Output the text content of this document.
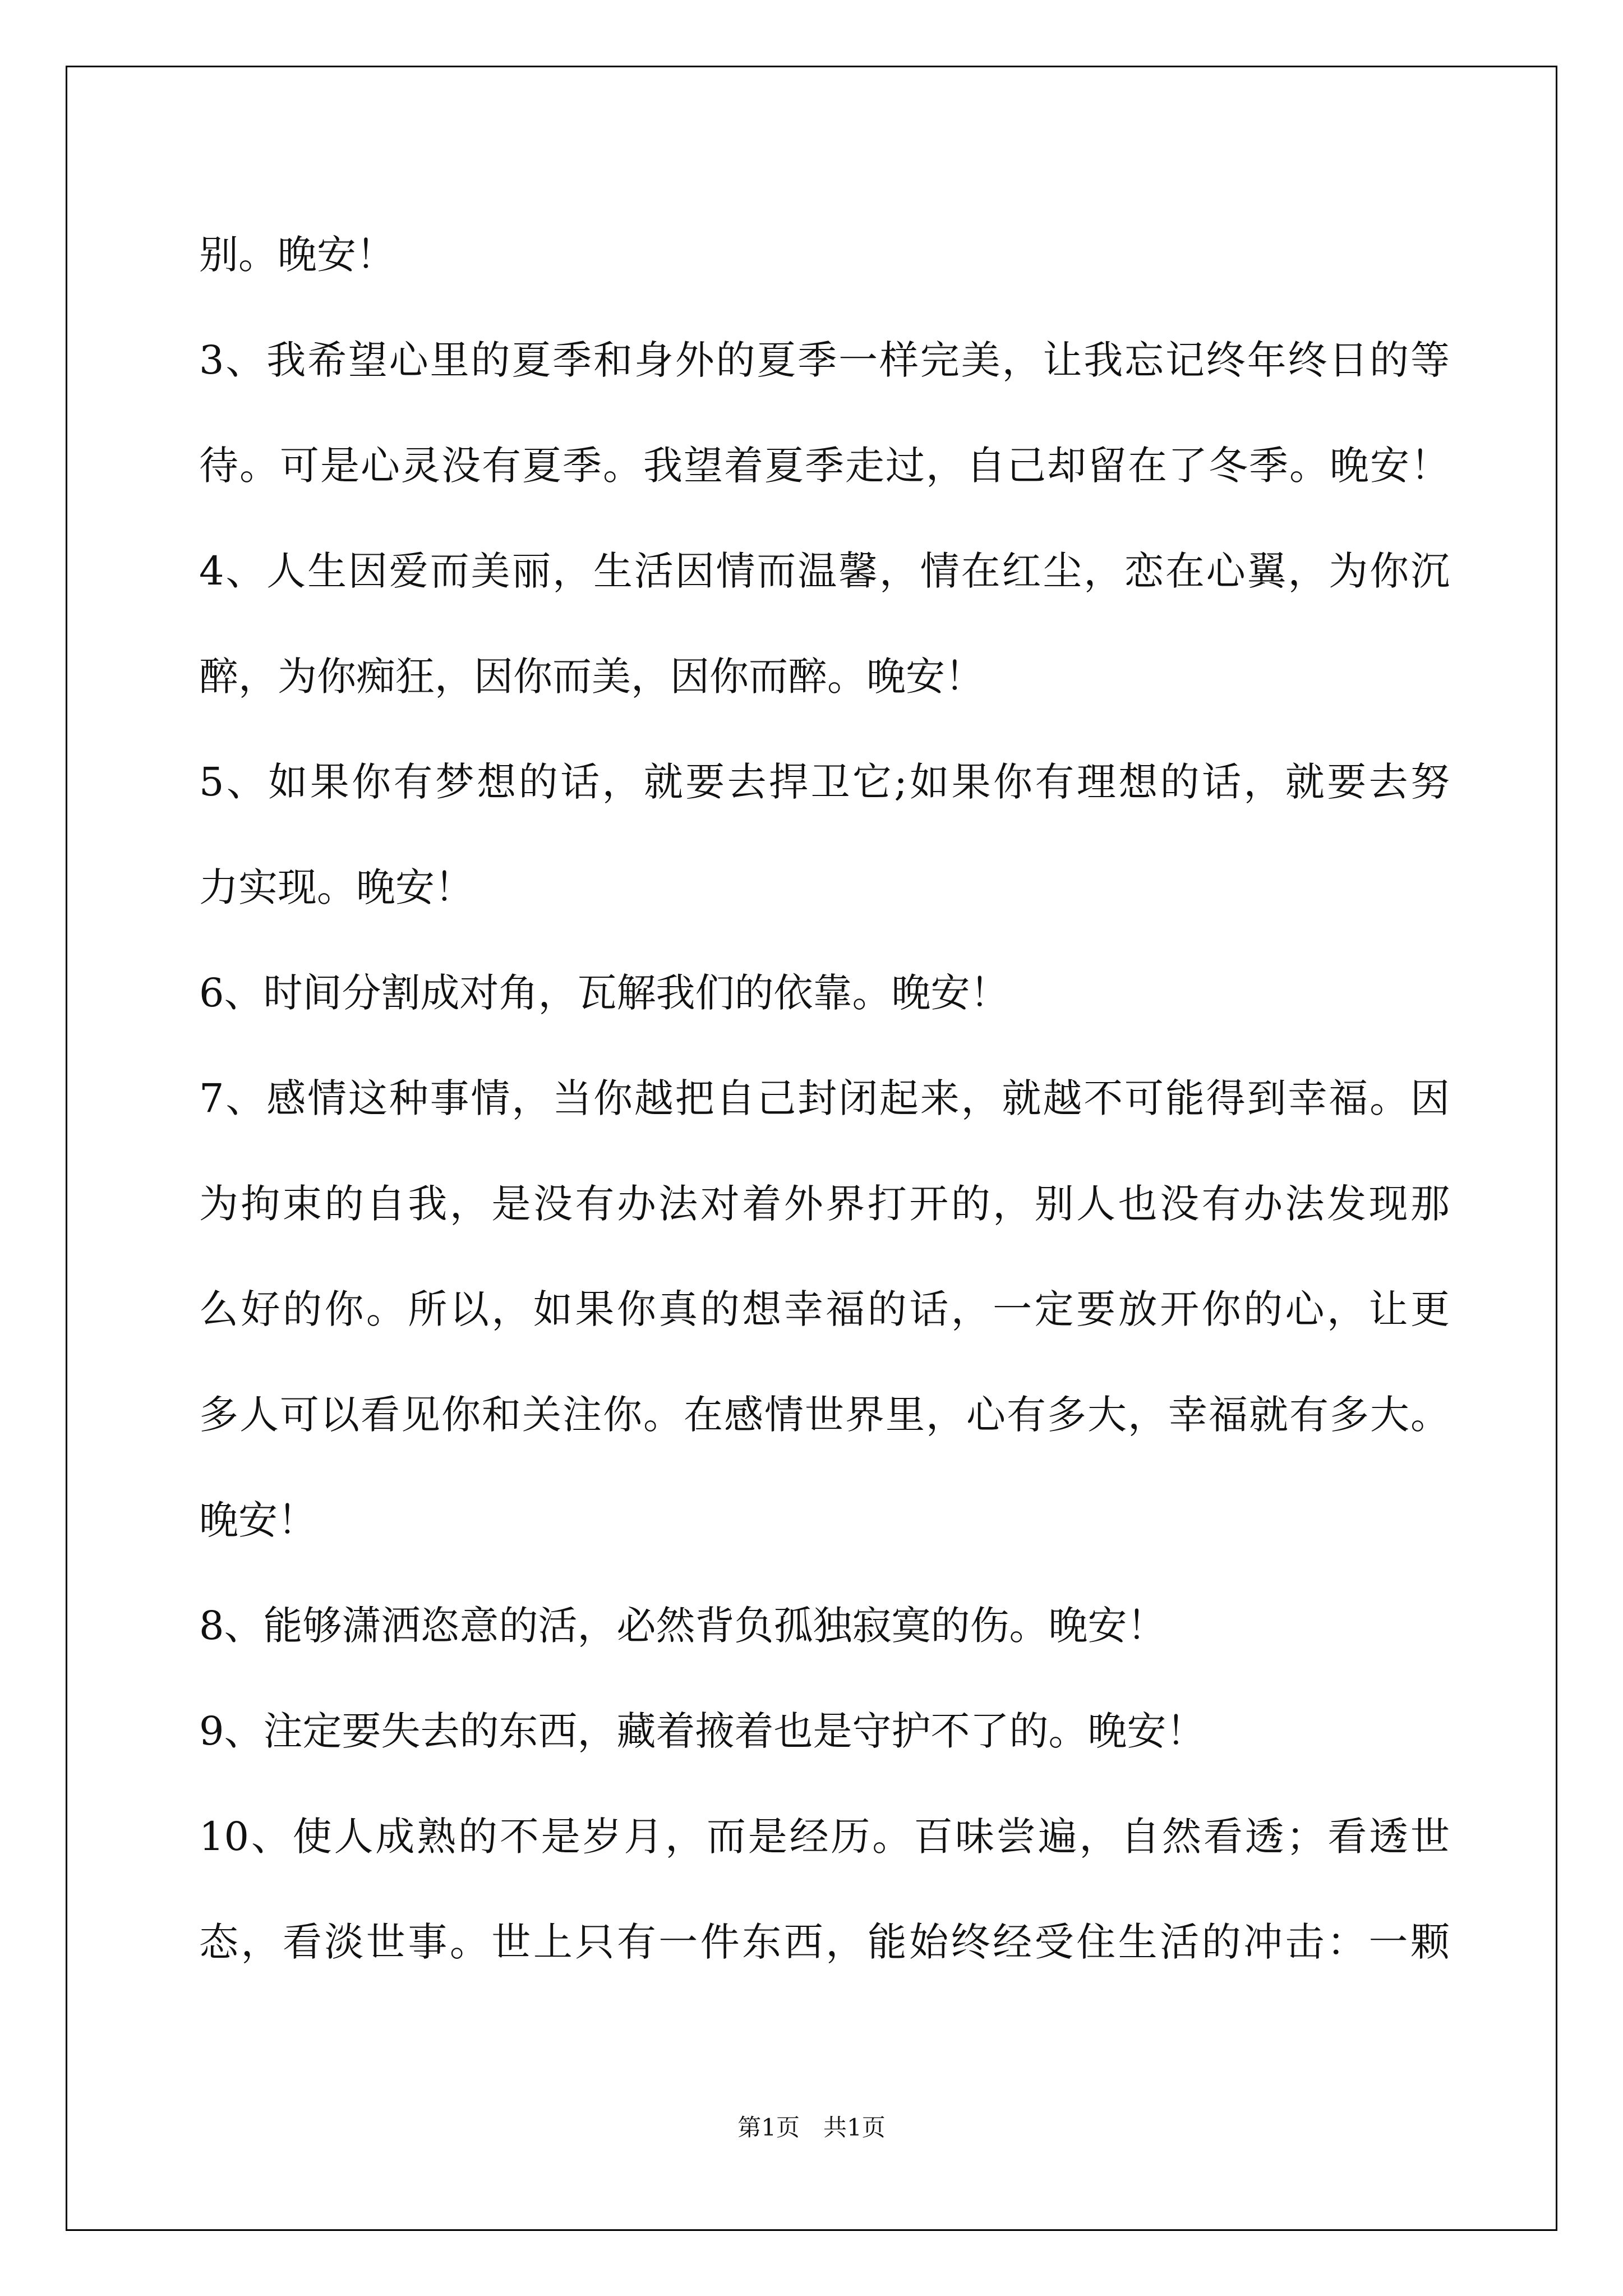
别。晚安！
3、我希望心里的夏季和身外的夏季一样完美，让我忘记终年终日的等
待。可是心灵没有夏季。我望着夏季走过，自己却留在了冬季。晚安！
4、人生因爱而美丽，生活因情而温馨，情在红尘，恋在心翼，为你沉
醉，为你痴狂，因你而美，因你而醉。晚安！
5、如果你有梦想的话，就要去捍卫它;如果你有理想的话，就要去努
力实现。晚安！
6、时间分割成对角，瓦解我们的依靠。晚安！
7、感情这种事情，当你越把自己封闭起来，就越不可能得到幸福。因
为拘束的自我，是没有办法对着外界打开的，别人也没有办法发现那
么好的你。所以，如果你真的想幸福的话，一定要放开你的心，让更
多人可以看见你和关注你。在感情世界里，心有多大，幸福就有多大。
晚安！
8、能够潇洒恣意的活，必然背负孤独寂寞的伤。晚安！
9、注定要失去的东西，藏着掖着也是守护不了的。晚安！
10、使人成熟的不是岁月，而是经历。百味尝遍，自然看透；看透世
态，看淡世事。世上只有一件东西，能始终经受住生活的冲击：一颗
第1页　共1页
